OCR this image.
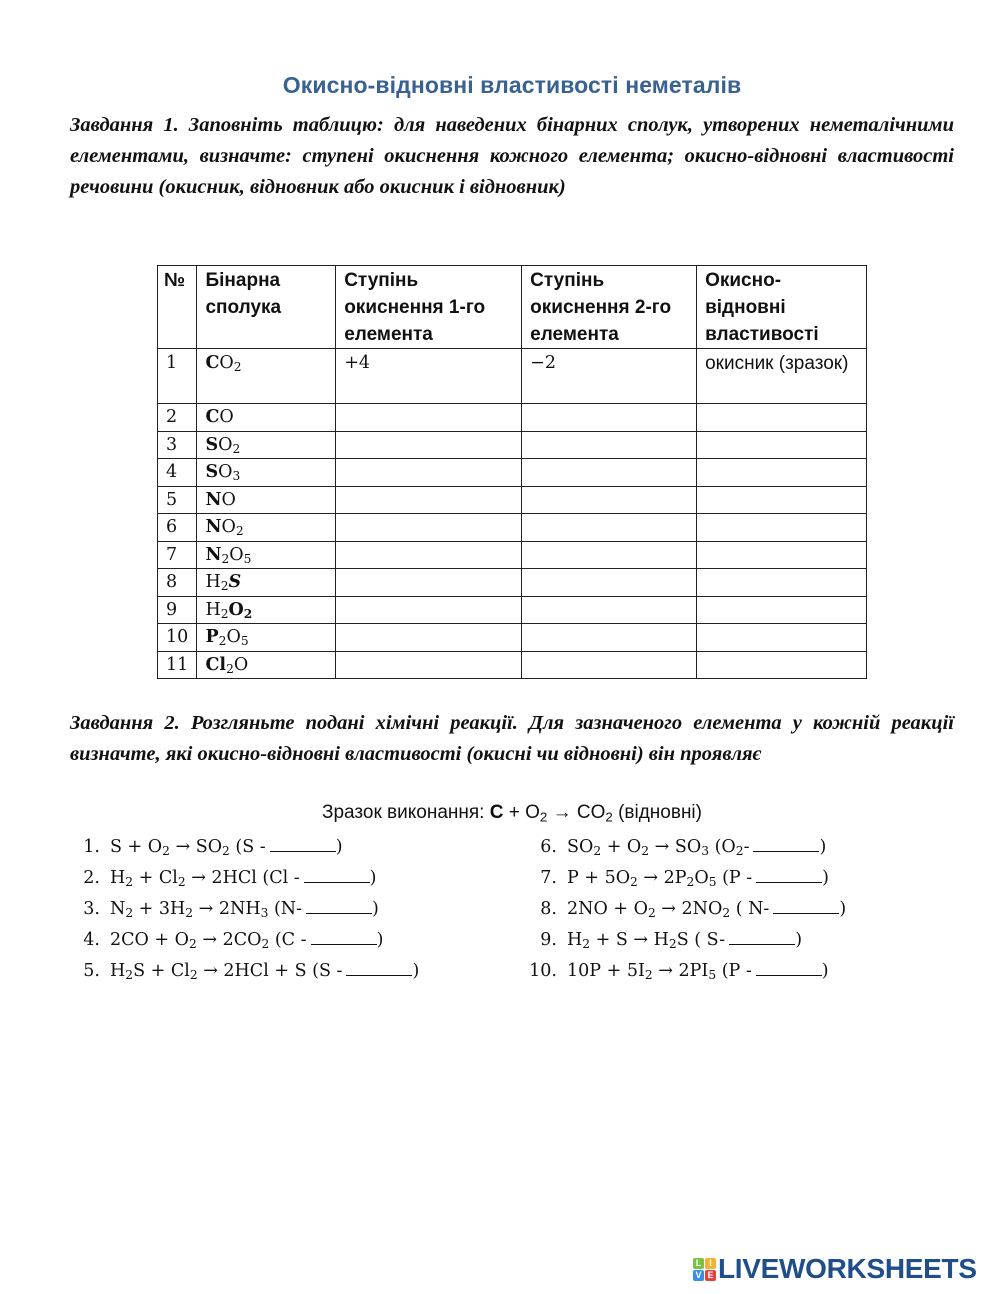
Окисно-відновні властивості неметалів
Завдання 1. Заповніть таблицю: для наведених бінарних сполук, утворених неметалічними елементами, визначте: ступені окиснення кожного елемента; окисно-відновні властивості речовини (окисник, відновник або окисник і відновник)
№	Бінарна сполука	Ступінь окиснення 1-го елемента	Ступінь окиснення 2-го елемента	Окисно-відновні властивості
1	$CO_2$	+4	−2	окисник (зразок)
2	CO			
3	$SO_2$			
4	$SO_3$			
5	NO			
6	$NO_2$			
7	$N_2O_5$			
8	$H_2S$			
9	$H_2O_2$			
10	$P_2O_5$			
11	$Cl_2O$			
Завдання 2. Розгляньте подані хімічні реакції. Для зазначеного елемента у кожній реакції визначте, які окисно-відновні властивості (окисні чи відновні) він проявляє
Зразок виконання: $C + O_2 \to CO_2$ (відновні)
1. $S + O_2 \to SO_2$ (S -	)
2. $H_2 + Cl_2 \to 2HCl$ (Cl -	)
3. $N_2 + 3H_2 \to 2NH_3$ (N-	)
4. $2CO + O_2 \to 2CO_2$ (C -	)
5. $H_2S + Cl_2 \to 2HCl + S$ (S -	)
6. $SO_2 + O_2 \to SO_3$ ($O_2-$	)
7. $P + 5O_2 \to 2P_2O_5$ (P -	)
8. $2NO + O_2 \to 2NO_2$ ( N-	)
9. $H_2 + S \to H_2S$ ( S-	)
10. $10P + 5I_2 \to 2PI_5$ (P -	)
L I
V E LIVEWORKSHEETS
